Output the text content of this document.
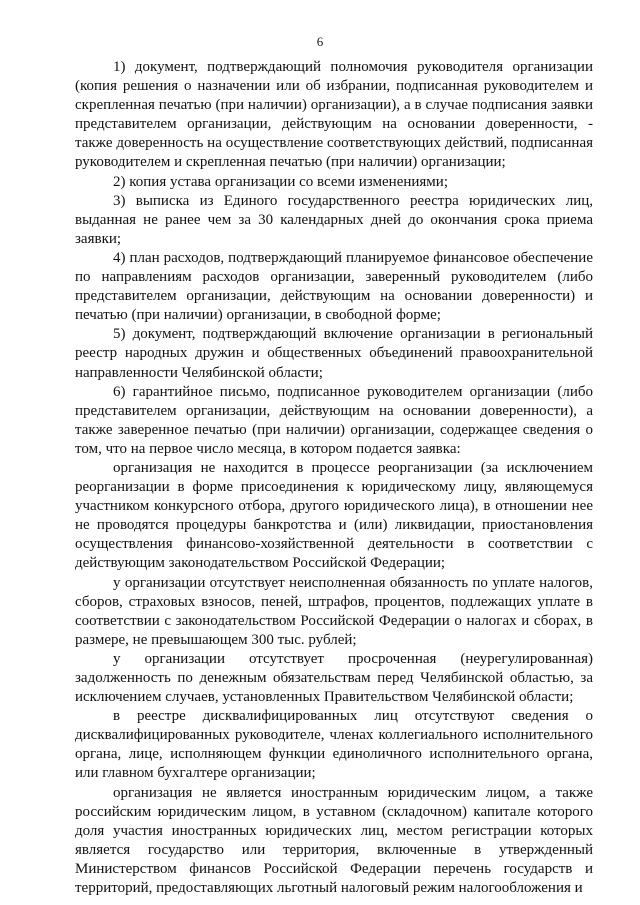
6

1) документ, подтверждающий полномочия руководителя организации (копия решения о назначении или об избрании, подписанная руководителем и скрепленная печатью (при наличии) организации), а в случае подписания заявки представителем организации, действующим на основании доверенности, - также доверенность на осуществление соответствующих действий, подписанная руководителем и скрепленная печатью (при наличии) организации;

2) копия устава организации со всеми изменениями;

3) выписка из Единого государственного реестра юридических лиц, выданная не ранее чем за 30 календарных дней до окончания срока приема заявки;

4) план расходов, подтверждающий планируемое финансовое обеспечение по направлениям расходов организации, заверенный руководителем (либо представителем организации, действующим на основании доверенности) и печатью (при наличии) организации, в свободной форме;

5) документ, подтверждающий включение организации в региональный реестр народных дружин и общественных объединений правоохранительной направленности Челябинской области;

6) гарантийное письмо, подписанное руководителем организации (либо представителем организации, действующим на основании доверенности), а также заверенное печатью (при наличии) организации, содержащее сведения о том, что на первое число месяца, в котором подается заявка:

организация не находится в процессе реорганизации (за исключением реорганизации в форме присоединения к юридическому лицу, являющемуся участником конкурсного отбора, другого юридического лица), в отношении нее не проводятся процедуры банкротства и (или) ликвидации, приостановления осуществления финансово-хозяйственной деятельности в соответствии с действующим законодательством Российской Федерации;

у организации отсутствует неисполненная обязанность по уплате налогов, сборов, страховых взносов, пеней, штрафов, процентов, подлежащих уплате в соответствии с законодательством Российской Федерации о налогах и сборах, в размере, не превышающем 300 тыс. рублей;

у организации отсутствует просроченная (неурегулированная) задолженность по денежным обязательствам перед Челябинской областью, за исключением случаев, установленных Правительством Челябинской области;

в реестре дисквалифицированных лиц отсутствуют сведения о дисквалифицированных руководителе, членах коллегиального исполнительного органа, лице, исполняющем функции единоличного исполнительного органа, или главном бухгалтере организации;

организация не является иностранным юридическим лицом, а также российским юридическим лицом, в уставном (складочном) капитале которого доля участия иностранных юридических лиц, местом регистрации которых является государство или территория, включенные в утвержденный Министерством финансов Российской Федерации перечень государств и территорий, предоставляющих льготный налоговый режим налогообложения и
